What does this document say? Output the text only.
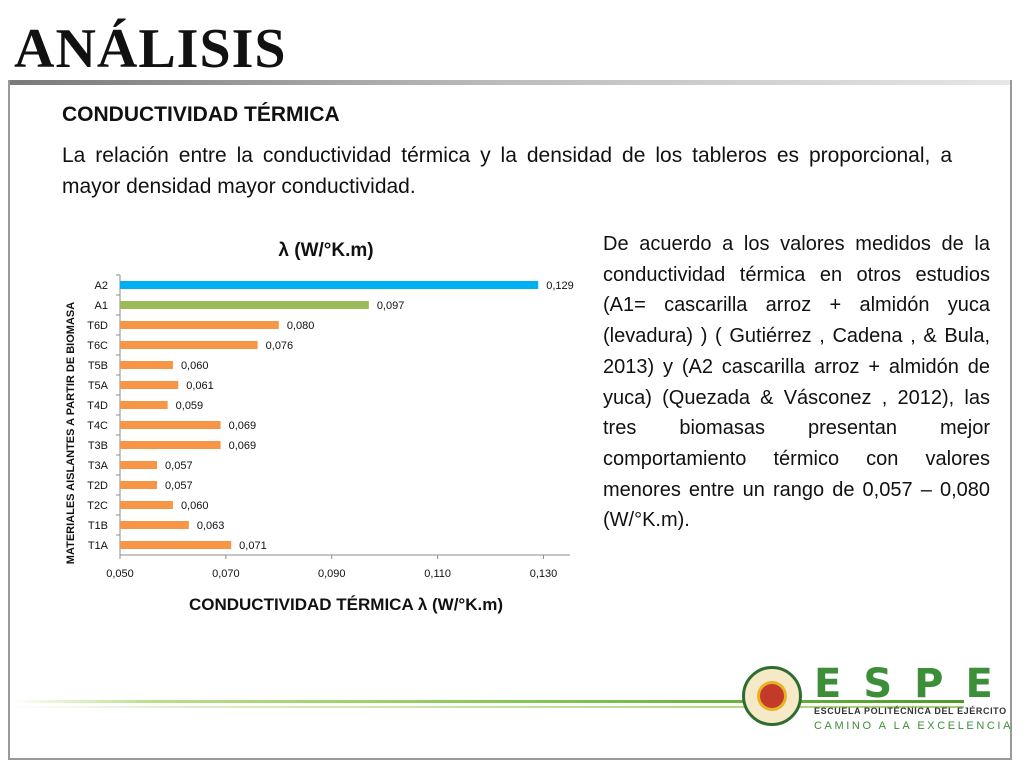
ANÁLISIS
CONDUCTIVIDAD TÉRMICA
La relación entre la conductividad térmica y la densidad de los tableros es proporcional, a mayor densidad mayor conductividad.
λ (W/°K.m)
MATERIALES AISLANTES A PARTIR DE BIOMASA
CONDUCTIVIDAD TÉRMICA λ (W/°K.m)
0,050	0,070	0,090	0,110	0,130
A2	0,129
A1	0,097
T6D	0,080
T6C	0,076
T5B	0,060
T5A	0,061
T4D	0,059
T4C	0,069
T3B	0,069
T3A	0,057
T2D	0,057
T2C	0,060
T1B	0,063
T1A	0,071
De acuerdo a los valores medidos de la conductividad térmica en otros estudios (A1= cascarilla arroz + almidón yuca (levadura) ) ( Gutiérrez , Cadena , & Bula, 2013) y (A2 cascarilla arroz + almidón de yuca) (Quezada & Vásconez , 2012), las tres biomasas presentan mejor comportamiento térmico con valores menores entre un rango de 0,057 – 0,080 (W/°K.m).
ESPE
ESCUELA POLITÉCNICA DEL EJÉRCITO
CAMINO A LA EXCELENCIA
